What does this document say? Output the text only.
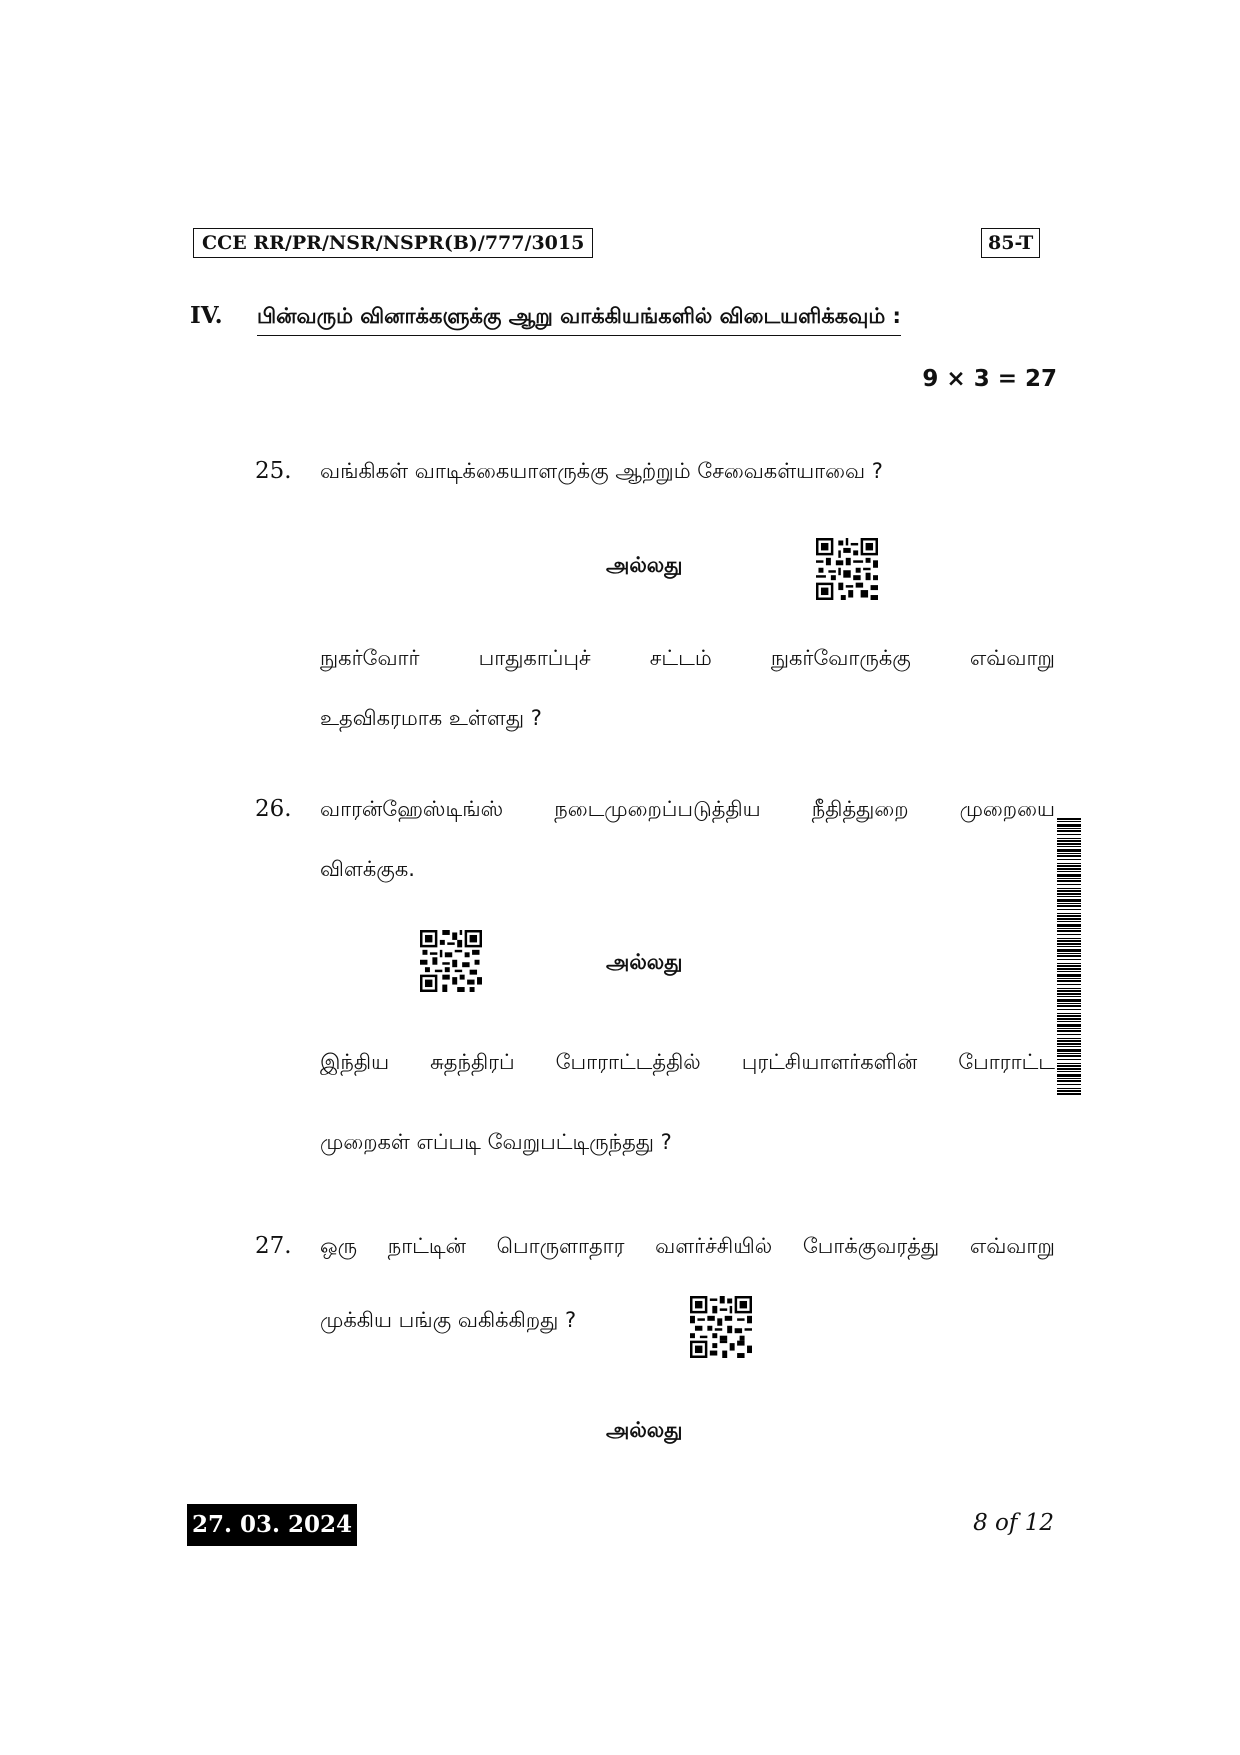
CCE RR/PR/NSR/NSPR(B)/777/3015	85-T
IV. பின்வரும் வினாக்களுக்கு ஆறு வாக்கியங்களில் விடையளிக்கவும் :
9 × 3 = 27
25. வங்கிகள் வாடிக்கையாளருக்கு ஆற்றும் சேவைகள்யாவை ?
அல்லது
நுகர்வோர்	பாதுகாப்புச்	சட்டம்	நுகர்வோருக்கு	எவ்வாறு
உதவிகரமாக உள்ளது ?
26. வாரன்ஹேஸ்டிங்ஸ் நடைமுறைப்படுத்திய நீதித்துறை முறையை
விளக்குக.
அல்லது
இந்திய சுதந்திரப் போராட்டத்தில் புரட்சியாளர்களின் போராட்ட
முறைகள் எப்படி வேறுபட்டிருந்தது ?
27. ஒரு நாட்டின் பொருளாதார வளர்ச்சியில் போக்குவரத்து எவ்வாறு
முக்கிய பங்கு வகிக்கிறது ?
அல்லது
27. 03. 2024	8 of 12
